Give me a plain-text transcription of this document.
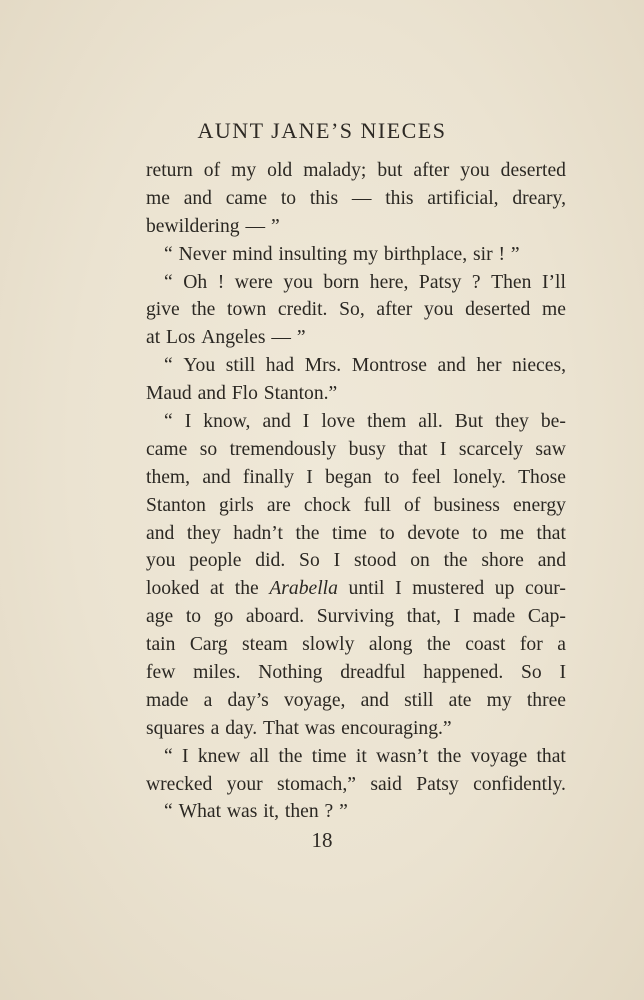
AUNT JANE’S NIECES
return of my old malady; but after you deserted
me and came to this — this artificial, dreary,
bewildering — ”
“ Never mind insulting my birthplace, sir ! ”
“ Oh ! were you born here, Patsy ? Then I’ll
give the town credit. So, after you deserted me
at Los Angeles — ”
“ You still had Mrs. Montrose and her nieces,
Maud and Flo Stanton.”
“ I know, and I love them all. But they be-
came so tremendously busy that I scarcely saw
them, and finally I began to feel lonely. Those
Stanton girls are chock full of business energy
and they hadn’t the time to devote to me that
you people did. So I stood on the shore and
looked at the Arabella until I mustered up cour-
age to go aboard. Surviving that, I made Cap-
tain Carg steam slowly along the coast for a
few miles. Nothing dreadful happened. So I
made a day’s voyage, and still ate my three
squares a day. That was encouraging.”
“ I knew all the time it wasn’t the voyage that
wrecked your stomach,” said Patsy confidently.
“ What was it, then ? ”
18
